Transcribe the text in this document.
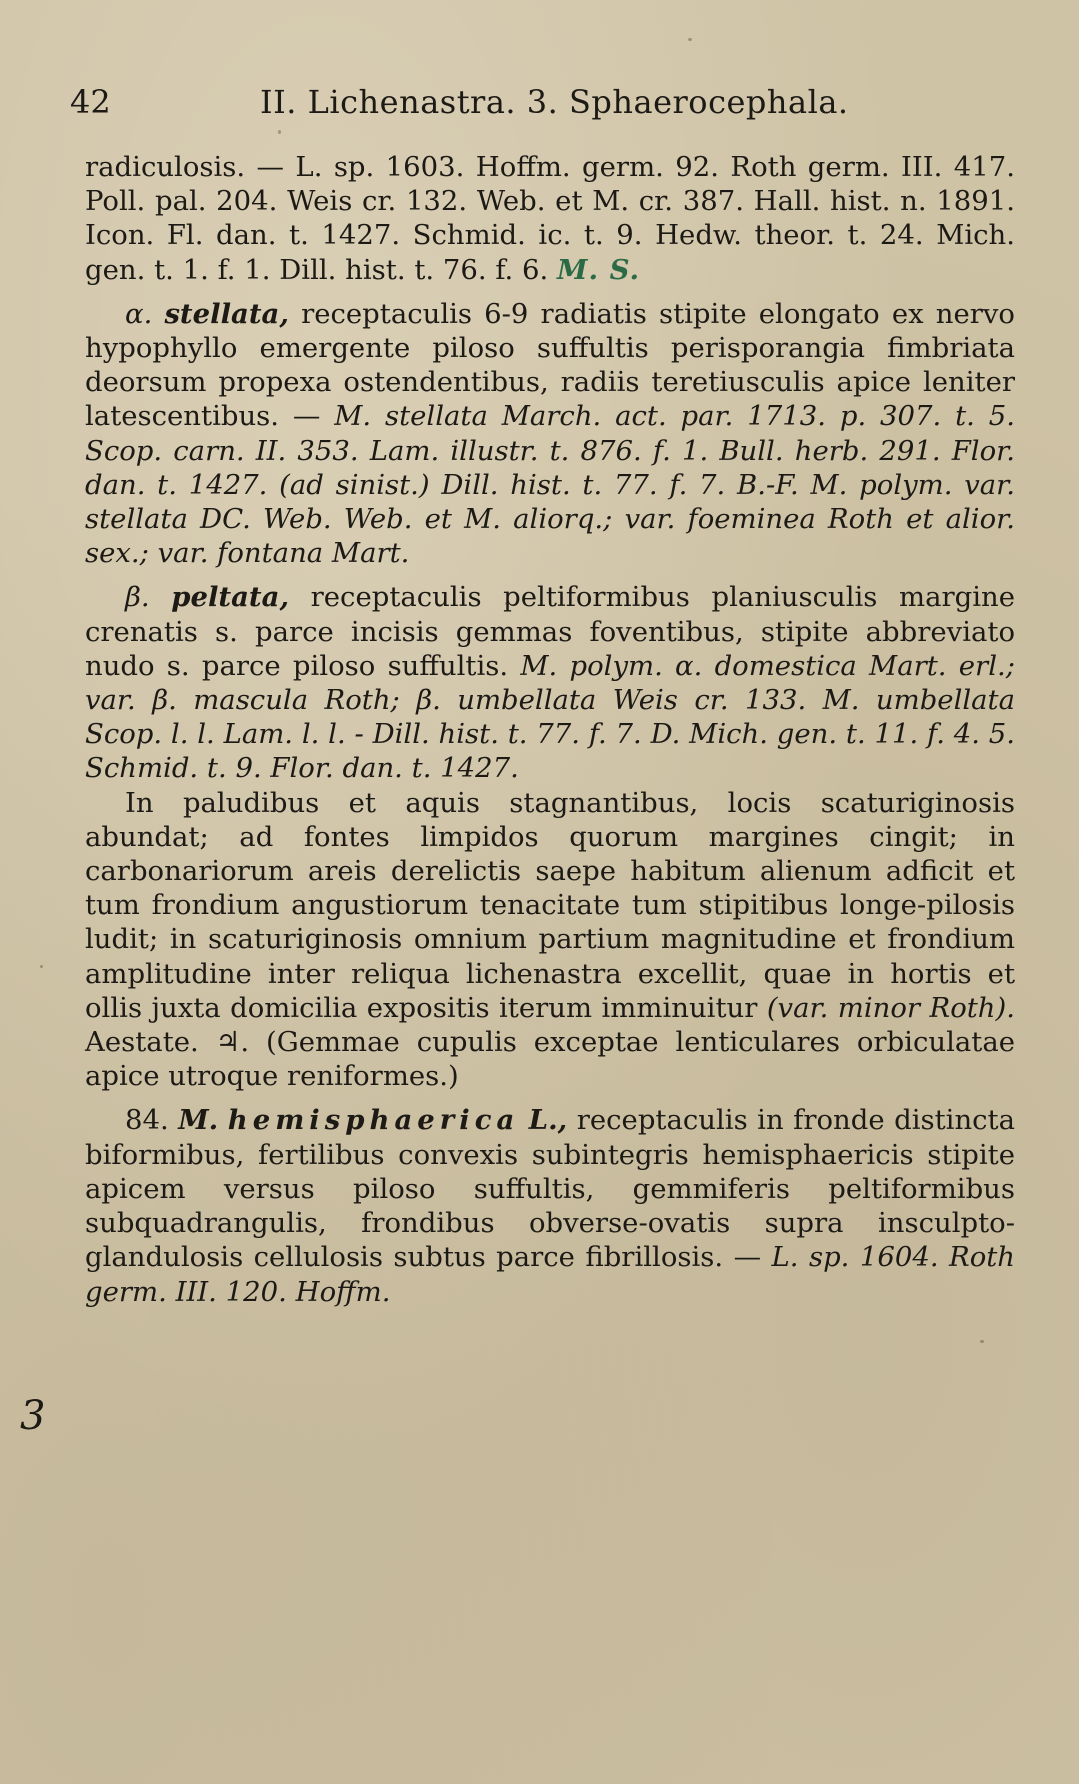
42	II. Lichenastra. 3. Sphaerocephala.
3

radiculosis. — L. sp. 1603. Hoffm. germ. 92. Roth germ. III. 417. Poll. pal. 204. Weis cr. 132. Web. et M. cr. 387. Hall. hist. n. 1891. Icon. Fl. dan. t. 1427. Schmid. ic. t. 9. Hedw. theor. t. 24. Mich. gen. t. 1. f. 1. Dill. hist. t. 76. f. 6. M. S.

α. stellata, receptaculis 6-9 radiatis stipite elongato ex nervo hypophyllo emergente piloso suffultis perisporangia fimbriata deorsum propexa ostendentibus, radiis teretiusculis apice leniter latescentibus. — M. stellata March. act. par. 1713. p. 307. t. 5. Scop. carn. II. 353. Lam. illustr. t. 876. f. 1. Bull. herb. 291. Flor. dan. t. 1427. (ad sinist.) Dill. hist. t. 77. f. 7. B.-F. M. polym. var. stellata DC. Web. Web. et M. aliorq.; var. foeminea Roth et alior. sex.; var. fontana Mart.

β. peltata, receptaculis peltiformibus planiusculis margine crenatis s. parce incisis gemmas foventibus, stipite abbreviato nudo s. parce piloso suffultis. M. polym. α. domestica Mart. erl.; var. β. mascula Roth; β. umbellata Weis cr. 133. M. umbellata Scop. l. l. Lam. l. l. - Dill. hist. t. 77. f. 7. D. Mich. gen. t. 11. f. 4. 5. Schmid. t. 9. Flor. dan. t. 1427.

In paludibus et aquis stagnantibus, locis scaturiginosis abundat; ad fontes limpidos quorum margines cingit; in carbonariorum areis derelictis saepe habitum alienum adficit et tum frondium angustiorum tenacitate tum stipitibus longe-pilosis ludit; in scaturiginosis omnium partium magnitudine et frondium amplitudine inter reliqua lichenastra excellit, quae in hortis et ollis juxta domicilia expositis iterum imminuitur (var. minor Roth). Aestate. ♃. (Gemmae cupulis exceptae lenticulares orbiculatae apice utroque reniformes.)

84. M. hemisphaerica L., receptaculis in fronde distincta biformibus, fertilibus convexis subintegris hemisphaericis stipite apicem versus piloso suffultis, gemmiferis peltiformibus subquadrangulis, frondibus obverse-ovatis supra insculpto-glandulosis cellulosis subtus parce fibrillosis. — L. sp. 1604. Roth germ. III. 120. Hoffm.
